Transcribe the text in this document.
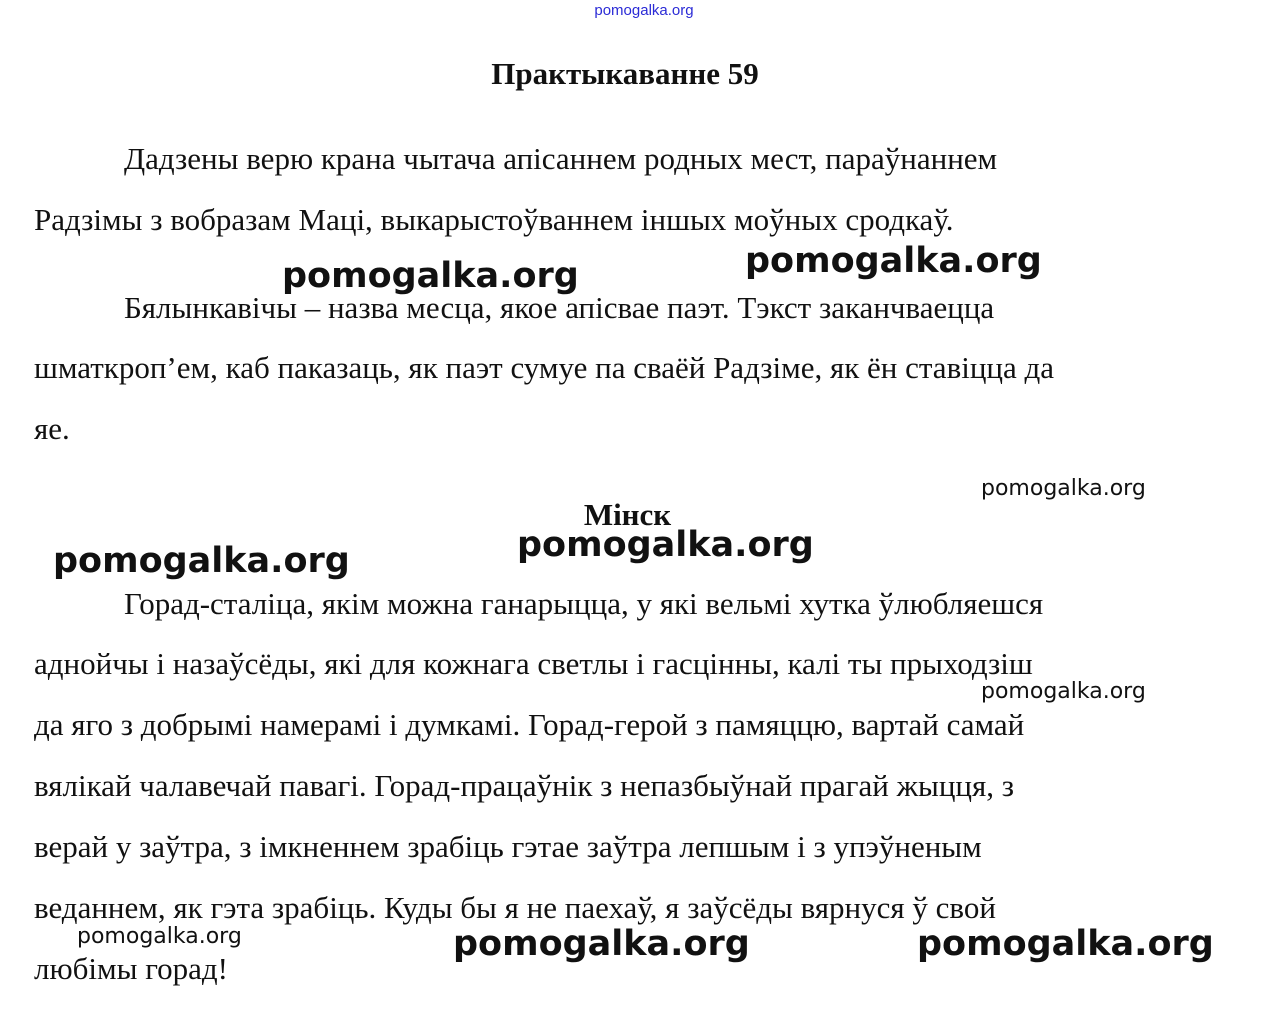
pomogalka.org
Практыкаванне 59
Дадзены верю крана чытача апісаннем родных мест, параўнаннем
Радзімы з вобразам Маці, выкарыстоўваннем іншых моўных сродкаў.
Бялынкавічы – назва месца, якое апісвае паэт. Тэкст заканчваецца
шматкроп’ем, каб паказаць, як паэт сумуе па сваёй Радзіме, як ён ставіцца да
яе.
Мінск
Горад-сталіца, якім можна ганарыцца, у які вельмі хутка ўлюбляешся
аднойчы і назаўсёды, які для кожнага светлы і гасцінны, калі ты прыходзіш
да яго з добрымі намерамі і думкамі. Горад-герой з памяццю, вартай самай
вялікай чалавечай павагі. Горад-працаўнік з непазбыўнай прагай жыцця, з
верай у заўтра, з імкненнем зрабіць гэтае заўтра лепшым і з упэўненым
веданнем, як гэта зрабіць. Куды бы я не паехаў, я заўсёды вярнуся ў свой
любімы горад!
pomogalka.org	pomogalka.org
pomogalka.org
pomogalka.org
pomogalka.org
pomogalka.org
pomogalka.org	pomogalka.org	pomogalka.org
